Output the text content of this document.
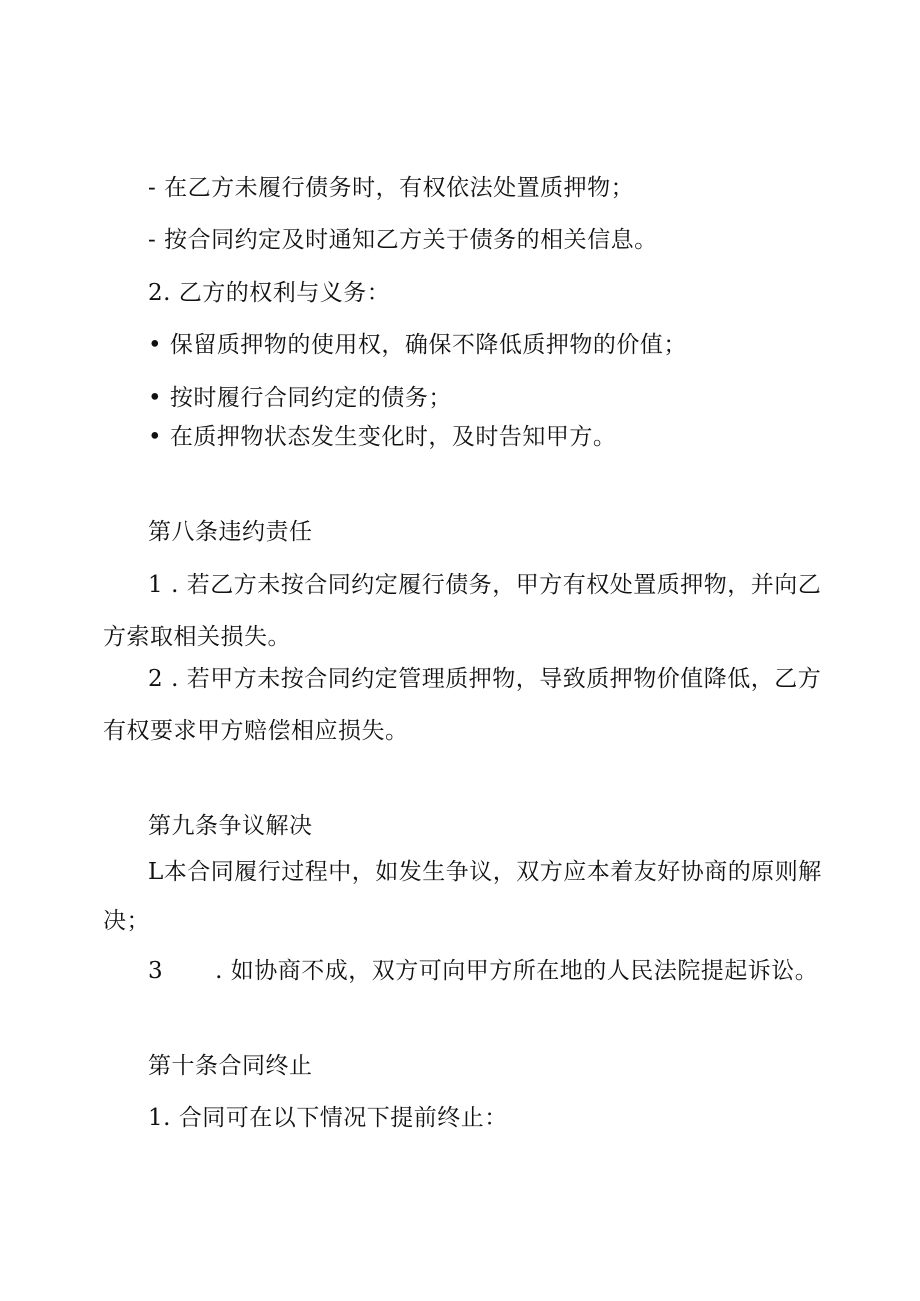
- 在乙方未履行债务时，有权依法处置质押物；

- 按合同约定及时通知乙方关于债务的相关信息。

2. 乙方的权利与义务：

• 保留质押物的使用权，确保不降低质押物的价值；

• 按时履行合同约定的债务；

• 在质押物状态发生变化时，及时告知甲方。

第八条违约责任

1 . 若乙方未按合同约定履行债务，甲方有权处置质押物，并向乙

方索取相关损失。

2 . 若甲方未按合同约定管理质押物，导致质押物价值降低，乙方

有权要求甲方赔偿相应损失。

第九条争议解决

L本合同履行过程中，如发生争议，双方应本着友好协商的原则解

决；

3 . 如协商不成，双方可向甲方所在地的人民法院提起诉讼。

第十条合同终止

1. 合同可在以下情况下提前终止：
